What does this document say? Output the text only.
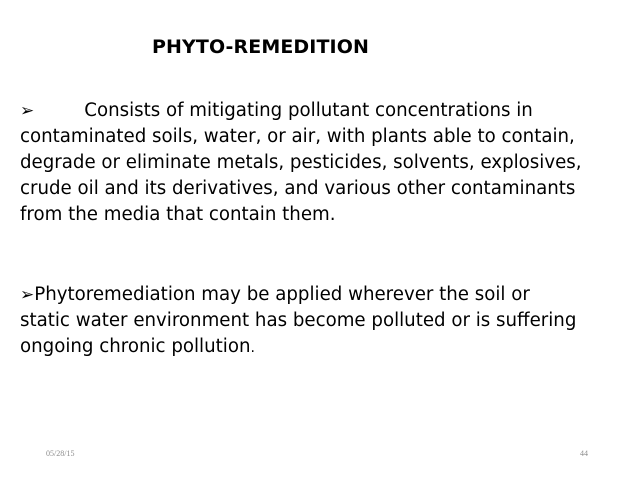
PHYTO-REMEDITION
➢	Consists of mitigating pollutant concentrations in
contaminated soils, water, or air, with plants able to contain,
degrade or eliminate metals, pesticides, solvents, explosives,
crude oil and its derivatives, and various other contaminants
from the media that contain them.
➢Phytoremediation may be applied wherever the soil or
static water environment has become polluted or is suffering
ongoing chronic pollution.
05/28/15	44
